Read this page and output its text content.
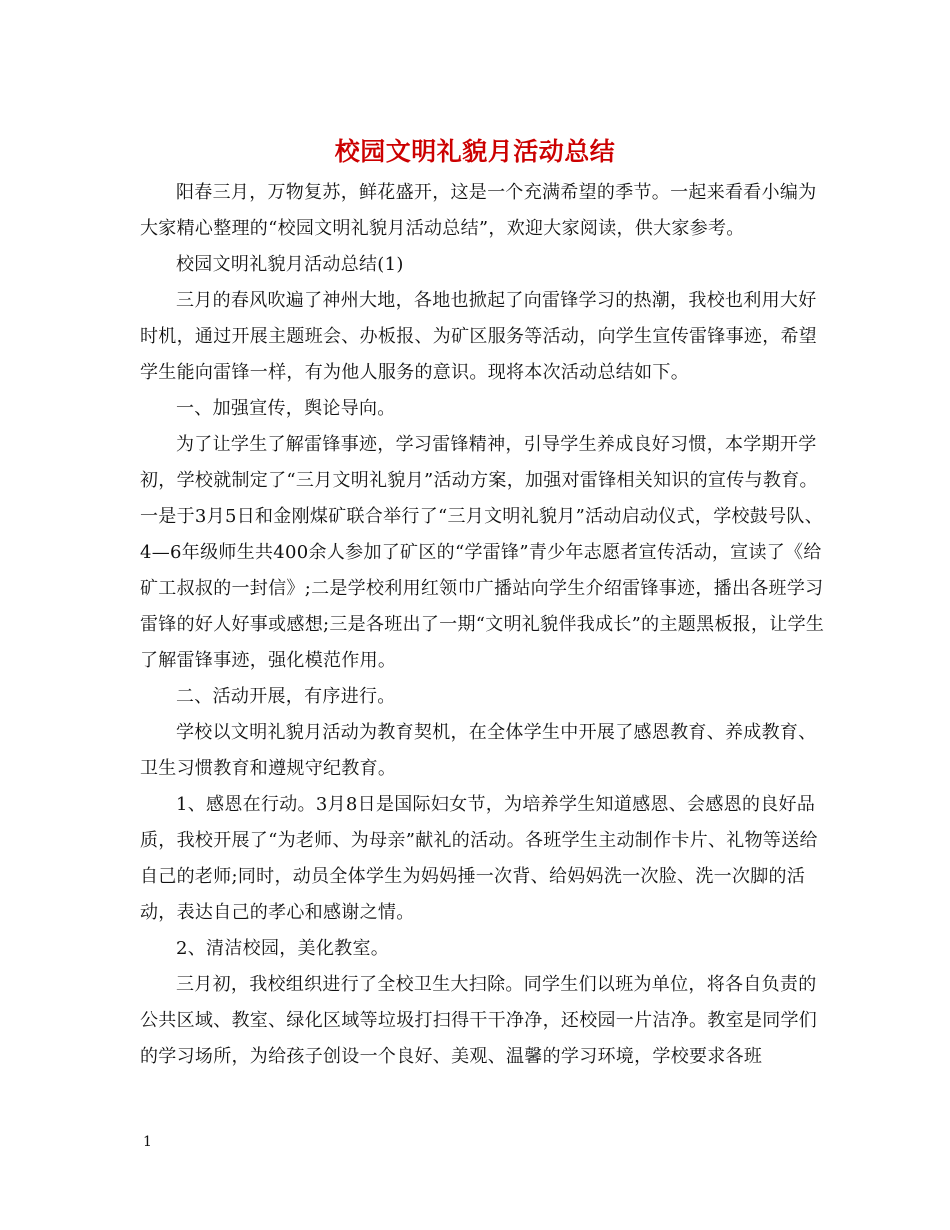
校园文明礼貌月活动总结

阳春三月，万物复苏，鲜花盛开，这是一个充满希望的季节。一起来看看小编为大家精心整理的“校园文明礼貌月活动总结”，欢迎大家阅读，供大家参考。

校园文明礼貌月活动总结(1)

三月的春风吹遍了神州大地，各地也掀起了向雷锋学习的热潮，我校也利用大好时机，通过开展主题班会、办板报、为矿区服务等活动，向学生宣传雷锋事迹，希望学生能向雷锋一样，有为他人服务的意识。现将本次活动总结如下。

一、加强宣传，舆论导向。

为了让学生了解雷锋事迹，学习雷锋精神，引导学生养成良好习惯，本学期开学初，学校就制定了“三月文明礼貌月”活动方案，加强对雷锋相关知识的宣传与教育。一是于3月5日和金刚煤矿联合举行了“三月文明礼貌月”活动启动仪式，学校鼓号队、4—6年级师生共400余人参加了矿区的“学雷锋”青少年志愿者宣传活动，宣读了《给矿工叔叔的一封信》;二是学校利用红领巾广播站向学生介绍雷锋事迹，播出各班学习雷锋的好人好事或感想;三是各班出了一期“文明礼貌伴我成长”的主题黑板报，让学生了解雷锋事迹，强化模范作用。

二、活动开展，有序进行。

学校以文明礼貌月活动为教育契机，在全体学生中开展了感恩教育、养成教育、卫生习惯教育和遵规守纪教育。

1、感恩在行动。3月8日是国际妇女节，为培养学生知道感恩、会感恩的良好品质，我校开展了“为老师、为母亲”献礼的活动。各班学生主动制作卡片、礼物等送给自己的老师;同时，动员全体学生为妈妈捶一次背、给妈妈洗一次脸、洗一次脚的活动，表达自己的孝心和感谢之情。

2、清洁校园，美化教室。

三月初，我校组织进行了全校卫生大扫除。同学生们以班为单位，将各自负责的公共区域、教室、绿化区域等垃圾打扫得干干净净，还校园一片洁净。教室是同学们的学习场所，为给孩子创设一个良好、美观、温馨的学习环境，学校要求各班

1
